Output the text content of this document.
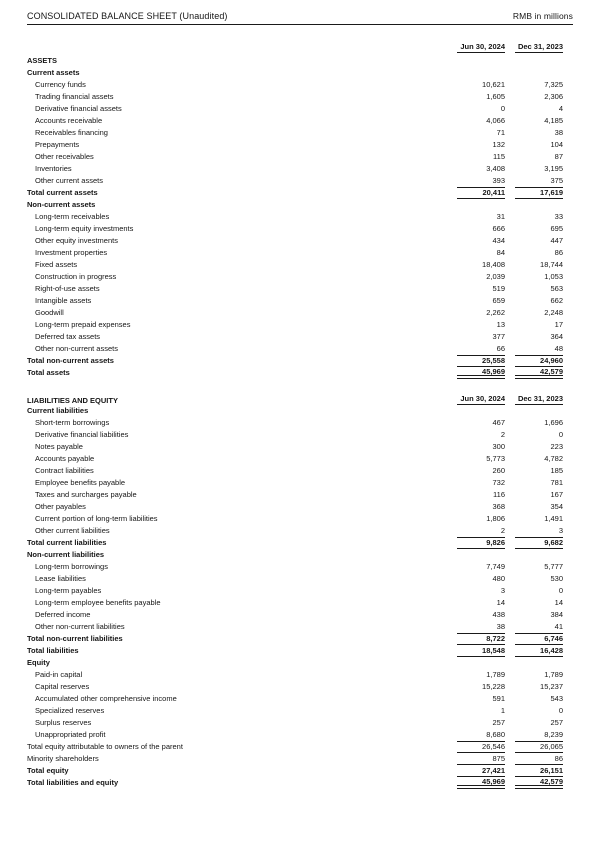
CONSOLIDATED BALANCE SHEET (Unaudited)	RMB in millions
Jun 30, 2024	Dec 31, 2023
ASSETS
Current assets
Currency funds	10,621	7,325
Trading financial assets	1,605	2,306
Derivative financial assets	0	4
Accounts receivable	4,066	4,185
Receivables financing	71	38
Prepayments	132	104
Other receivables	115	87
Inventories	3,408	3,195
Other current assets	393	375
Total current assets	20,411	17,619
Non-current assets
Long-term receivables	31	33
Long-term equity investments	666	695
Other equity investments	434	447
Investment properties	84	86
Fixed assets	18,408	18,744
Construction in progress	2,039	1,053
Right-of-use assets	519	563
Intangible assets	659	662
Goodwill	2,262	2,248
Long-term prepaid expenses	13	17
Deferred tax assets	377	364
Other non-current assets	66	48
Total non-current assets	25,558	24,960
Total assets	45,969	42,579
LIABILITIES AND EQUITY	Jun 30, 2024	Dec 31, 2023
Current liabilities
Short-term borrowings	467	1,696
Derivative financial liabilities	2	0
Notes payable	300	223
Accounts payable	5,773	4,782
Contract liabilities	260	185
Employee benefits payable	732	781
Taxes and surcharges payable	116	167
Other payables	368	354
Current portion of long-term liabilities	1,806	1,491
Other current liabilities	2	3
Total current liabilities	9,826	9,682
Non-current liabilities
Long-term borrowings	7,749	5,777
Lease liabilities	480	530
Long-term payables	3	0
Long-term employee benefits payable	14	14
Deferred income	438	384
Other non-current liabilities	38	41
Total non-current liabilities	8,722	6,746
Total liabilities	18,548	16,428
Equity
Paid-in capital	1,789	1,789
Capital reserves	15,228	15,237
Accumulated other comprehensive income	591	543
Specialized reserves	1	0
Surplus reserves	257	257
Unappropriated profit	8,680	8,239
Total equity attributable to owners of the parent	26,546	26,065
Minority shareholders	875	86
Total equity	27,421	26,151
Total liabilities and equity	45,969	42,579
